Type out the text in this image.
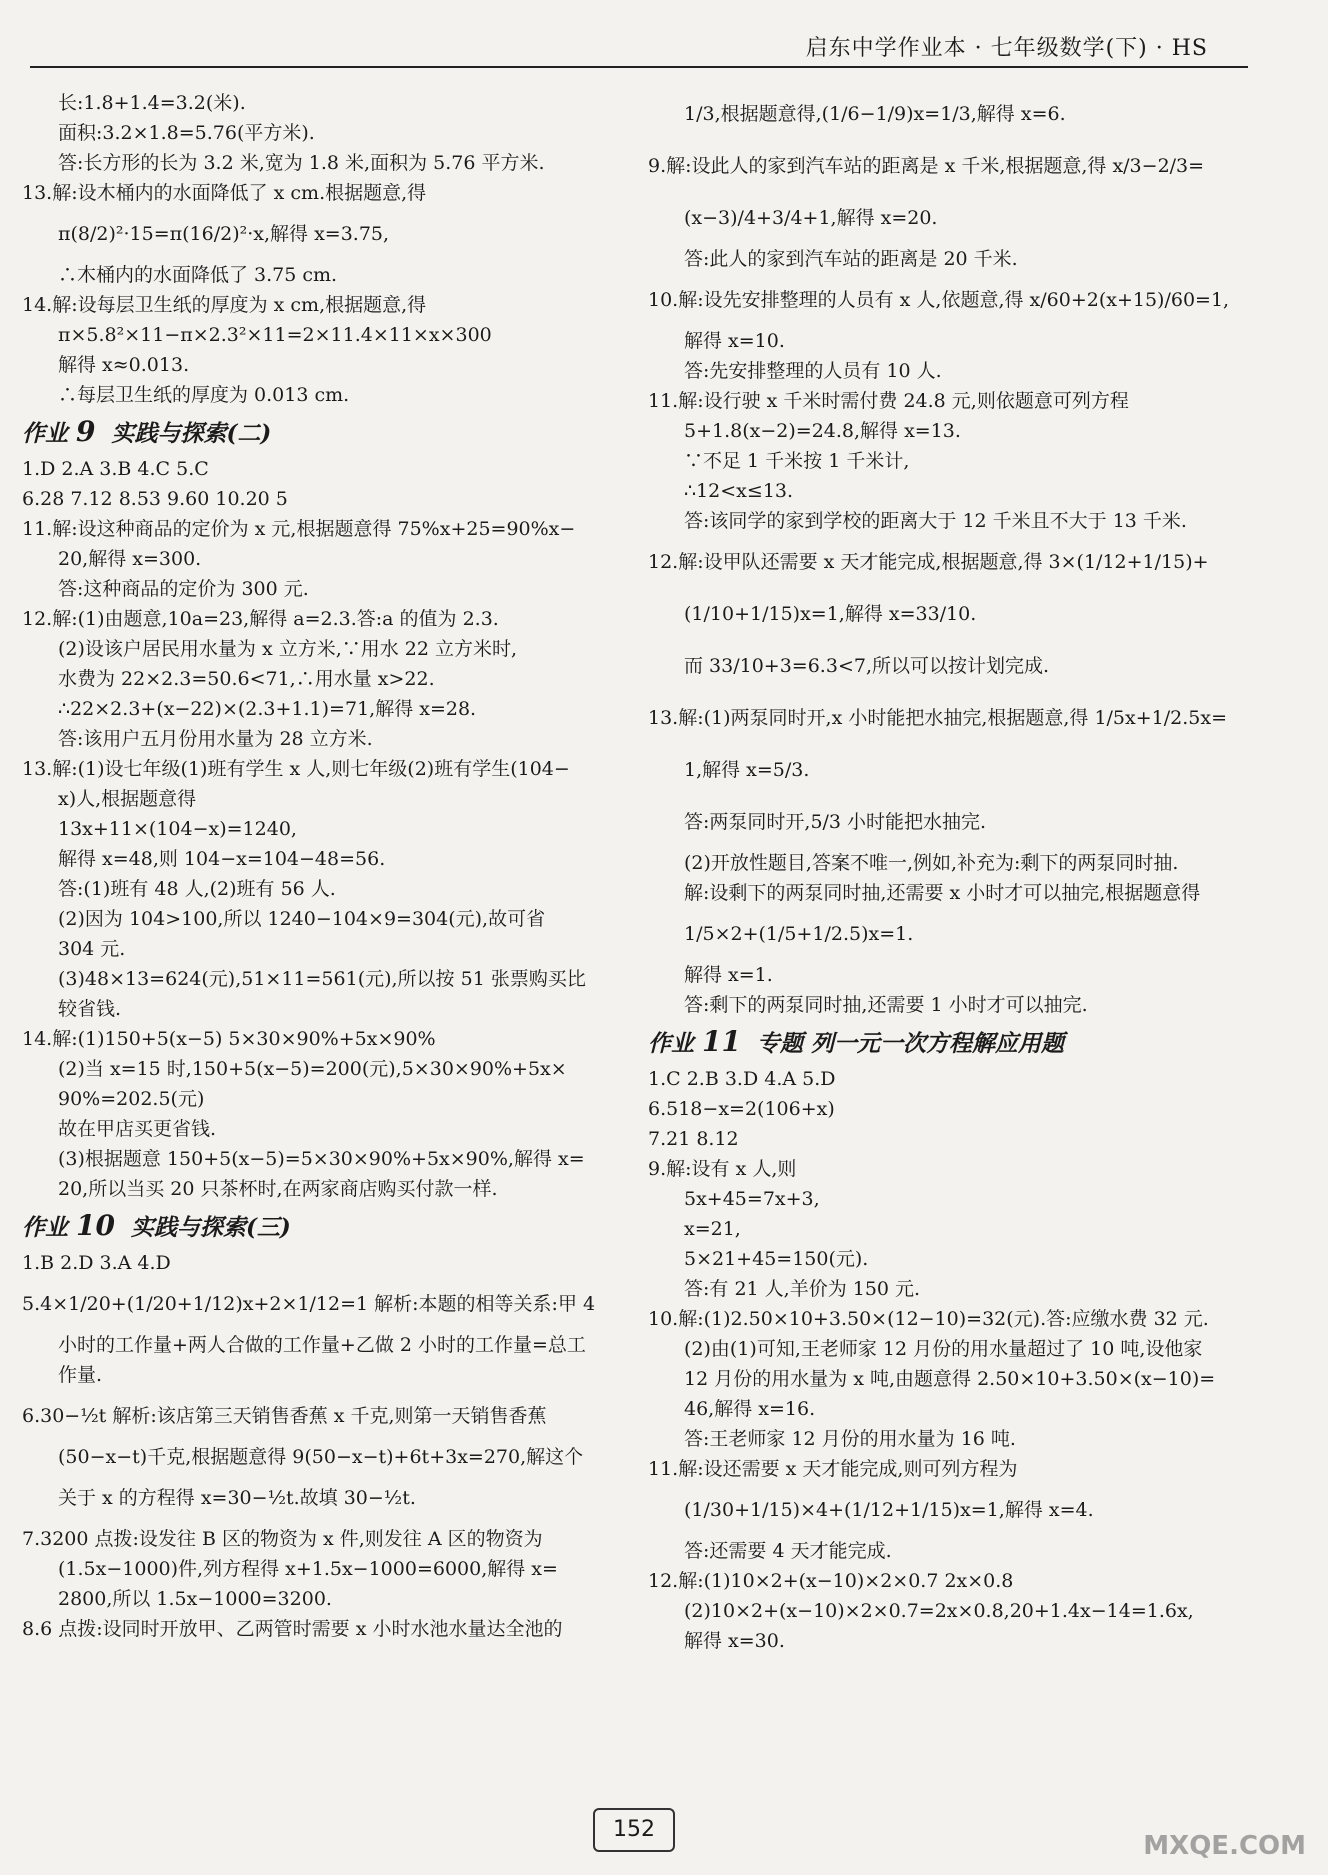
启东中学作业本 · 七年级数学(下) · HS
长:1.8+1.4=3.2(米).
面积:3.2×1.8=5.76(平方米).
答:长方形的长为 3.2 米,宽为 1.8 米,面积为 5.76 平方米.
13.解:设木桶内的水面降低了 x cm.根据题意,得
π(8/2)²·15=π(16/2)²·x,解得 x=3.75,
∴木桶内的水面降低了 3.75 cm.
14.解:设每层卫生纸的厚度为 x cm,根据题意,得
π×5.8²×11−π×2.3²×11=2×11.4×11×x×300
解得 x≈0.013.
∴每层卫生纸的厚度为 0.013 cm.
作业 9 实践与探索(二)
1.D 2.A 3.B 4.C 5.C
6.28 7.12 8.53 9.60 10.20 5
11.解:设这种商品的定价为 x 元,根据题意得 75%x+25=90%x−
20,解得 x=300.
答:这种商品的定价为 300 元.
12.解:(1)由题意,10a=23,解得 a=2.3.答:a 的值为 2.3.
(2)设该户居民用水量为 x 立方米,∵用水 22 立方米时,
水费为 22×2.3=50.6<71,∴用水量 x>22.
∴22×2.3+(x−22)×(2.3+1.1)=71,解得 x=28.
答:该用户五月份用水量为 28 立方米.
13.解:(1)设七年级(1)班有学生 x 人,则七年级(2)班有学生(104−
x)人,根据题意得
13x+11×(104−x)=1240,
解得 x=48,则 104−x=104−48=56.
答:(1)班有 48 人,(2)班有 56 人.
(2)因为 104>100,所以 1240−104×9=304(元),故可省
304 元.
(3)48×13=624(元),51×11=561(元),所以按 51 张票购买比
较省钱.
14.解:(1)150+5(x−5) 5×30×90%+5x×90%
(2)当 x=15 时,150+5(x−5)=200(元),5×30×90%+5x×
90%=202.5(元)
故在甲店买更省钱.
(3)根据题意 150+5(x−5)=5×30×90%+5x×90%,解得 x=
20,所以当买 20 只茶杯时,在两家商店购买付款一样.
作业 10 实践与探索(三)
1.B 2.D 3.A 4.D
5.4×1/20+(1/20+1/12)x+2×1/12=1 解析:本题的相等关系:甲 4
小时的工作量+两人合做的工作量+乙做 2 小时的工作量=总工
作量.
6.30−½t 解析:该店第三天销售香蕉 x 千克,则第一天销售香蕉
(50−x−t)千克,根据题意得 9(50−x−t)+6t+3x=270,解这个
关于 x 的方程得 x=30−½t.故填 30−½t.
7.3200 点拨:设发往 B 区的物资为 x 件,则发往 A 区的物资为
(1.5x−1000)件,列方程得 x+1.5x−1000=6000,解得 x=
2800,所以 1.5x−1000=3200.
8.6 点拨:设同时开放甲、乙两管时需要 x 小时水池水量达全池的
1/3,根据题意得,(1/6−1/9)x=1/3,解得 x=6.
9.解:设此人的家到汽车站的距离是 x 千米,根据题意,得 x/3−2/3=
(x−3)/4+3/4+1,解得 x=20.
答:此人的家到汽车站的距离是 20 千米.
10.解:设先安排整理的人员有 x 人,依题意,得 x/60+2(x+15)/60=1,
解得 x=10.
答:先安排整理的人员有 10 人.
11.解:设行驶 x 千米时需付费 24.8 元,则依题意可列方程
5+1.8(x−2)=24.8,解得 x=13.
∵不足 1 千米按 1 千米计,
∴12<x≤13.
答:该同学的家到学校的距离大于 12 千米且不大于 13 千米.
12.解:设甲队还需要 x 天才能完成,根据题意,得 3×(1/12+1/15)+
(1/10+1/15)x=1,解得 x=33/10.
而 33/10+3=6.3<7,所以可以按计划完成.
13.解:(1)两泵同时开,x 小时能把水抽完,根据题意,得 1/5x+1/2.5x=
1,解得 x=5/3.
答:两泵同时开,5/3 小时能把水抽完.
(2)开放性题目,答案不唯一,例如,补充为:剩下的两泵同时抽.
解:设剩下的两泵同时抽,还需要 x 小时才可以抽完,根据题意得
1/5×2+(1/5+1/2.5)x=1.
解得 x=1.
答:剩下的两泵同时抽,还需要 1 小时才可以抽完.
作业 11 专题 列一元一次方程解应用题
1.C 2.B 3.D 4.A 5.D
6.518−x=2(106+x)
7.21 8.12
9.解:设有 x 人,则
5x+45=7x+3,
x=21,
5×21+45=150(元).
答:有 21 人,羊价为 150 元.
10.解:(1)2.50×10+3.50×(12−10)=32(元).答:应缴水费 32 元.
(2)由(1)可知,王老师家 12 月份的用水量超过了 10 吨,设他家
12 月份的用水量为 x 吨,由题意得 2.50×10+3.50×(x−10)=
46,解得 x=16.
答:王老师家 12 月份的用水量为 16 吨.
11.解:设还需要 x 天才能完成,则可列方程为
(1/30+1/15)×4+(1/12+1/15)x=1,解得 x=4.
答:还需要 4 天才能完成.
12.解:(1)10×2+(x−10)×2×0.7 2x×0.8
(2)10×2+(x−10)×2×0.7=2x×0.8,20+1.4x−14=1.6x,
解得 x=30.
152
MXQE.COM
